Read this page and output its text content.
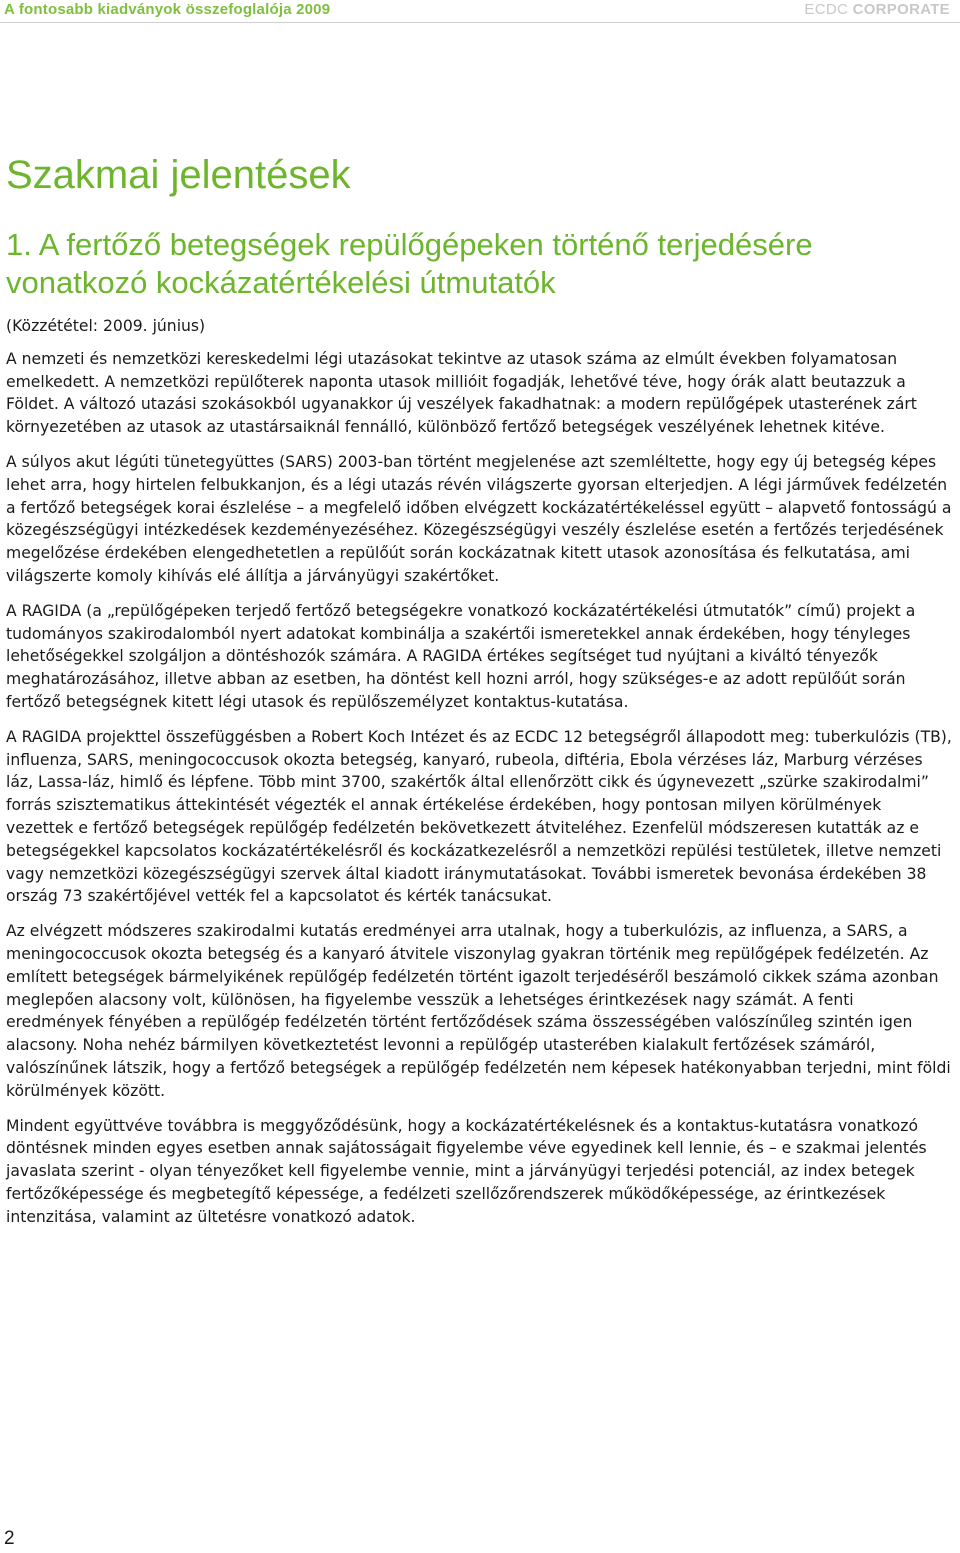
A fontosabb kiadványok összefoglalója 2009	ECDC CORPORATE
Szakmai jelentések
1. A fertőző betegségek repülőgépeken történő terjedésére vonatkozó kockázatértékelési útmutatók

(Közzététel: 2009. június)

A nemzeti és nemzetközi kereskedelmi légi utazásokat tekintve az utasok száma az elmúlt években folyamatosan emelkedett. A nemzetközi repülőterek naponta utasok millióit fogadják, lehetővé téve, hogy órák alatt beutazzuk a Földet. A változó utazási szokásokból ugyanakkor új veszélyek fakadhatnak: a modern repülőgépek utasterének zárt környezetében az utasok az utastársaiknál fennálló, különböző fertőző betegségek veszélyének lehetnek kitéve.

A súlyos akut légúti tünetegyüttes (SARS) 2003-ban történt megjelenése azt szemléltette, hogy egy új betegség képes lehet arra, hogy hirtelen felbukkanjon, és a légi utazás révén világszerte gyorsan elterjedjen. A légi járművek fedélzetén a fertőző betegségek korai észlelése – a megfelelő időben elvégzett kockázatértékeléssel együtt – alapvető fontosságú a közegészségügyi intézkedések kezdeményezéséhez. Közegészségügyi veszély észlelése esetén a fertőzés terjedésének megelőzése érdekében elengedhetetlen a repülőút során kockázatnak kitett utasok azonosítása és felkutatása, ami világszerte komoly kihívás elé állítja a járványügyi szakértőket.

A RAGIDA (a „repülőgépeken terjedő fertőző betegségekre vonatkozó kockázatértékelési útmutatók” című) projekt a tudományos szakirodalomból nyert adatokat kombinálja a szakértői ismeretekkel annak érdekében, hogy tényleges lehetőségekkel szolgáljon a döntéshozók számára. A RAGIDA értékes segítséget tud nyújtani a kiváltó tényezők meghatározásához, illetve abban az esetben, ha döntést kell hozni arról, hogy szükséges-e az adott repülőút során fertőző betegségnek kitett légi utasok és repülőszemélyzet kontaktus-kutatása.

A RAGIDA projekttel összefüggésben a Robert Koch Intézet és az ECDC 12 betegségről állapodott meg: tuberkulózis (TB), influenza, SARS, meningococcusok okozta betegség, kanyaró, rubeola, diftéria, Ebola vérzéses láz, Marburg vérzéses láz, Lassa-láz, himlő és lépfene. Több mint 3700, szakértők által ellenőrzött cikk és úgynevezett „szürke szakirodalmi” forrás szisztematikus áttekintését végezték el annak értékelése érdekében, hogy pontosan milyen körülmények vezettek e fertőző betegségek repülőgép fedélzetén bekövetkezett átviteléhez. Ezenfelül módszeresen kutatták az e betegségekkel kapcsolatos kockázatértékelésről és kockázatkezelésről a nemzetközi repülési testületek, illetve nemzeti vagy nemzetközi közegészségügyi szervek által kiadott iránymutatásokat. További ismeretek bevonása érdekében 38 ország 73 szakértőjével vették fel a kapcsolatot és kérték tanácsukat.

Az elvégzett módszeres szakirodalmi kutatás eredményei arra utalnak, hogy a tuberkulózis, az influenza, a SARS, a meningococcusok okozta betegség és a kanyaró átvitele viszonylag gyakran történik meg repülőgépek fedélzetén. Az említett betegségek bármelyikének repülőgép fedélzetén történt igazolt terjedéséről beszámoló cikkek száma azonban meglepően alacsony volt, különösen, ha figyelembe vesszük a lehetséges érintkezések nagy számát. A fenti eredmények fényében a repülőgép fedélzetén történt fertőződések száma összességében valószínűleg szintén igen alacsony. Noha nehéz bármilyen következtetést levonni a repülőgép utasterében kialakult fertőzések számáról, valószínűnek látszik, hogy a fertőző betegségek a repülőgép fedélzetén nem képesek hatékonyabban terjedni, mint földi körülmények között.

Mindent együttvéve továbbra is meggyőződésünk, hogy a kockázatértékelésnek és a kontaktus-kutatásra vonatkozó döntésnek minden egyes esetben annak sajátosságait figyelembe véve egyedinek kell lennie, és – e szakmai jelentés javaslata szerint - olyan tényezőket kell figyelembe vennie, mint a járványügyi terjedési potenciál, az index betegek fertőzőképessége és megbetegítő képessége, a fedélzeti szellőzőrendszerek működőképessége, az érintkezések intenzitása, valamint az ültetésre vonatkozó adatok.

2
